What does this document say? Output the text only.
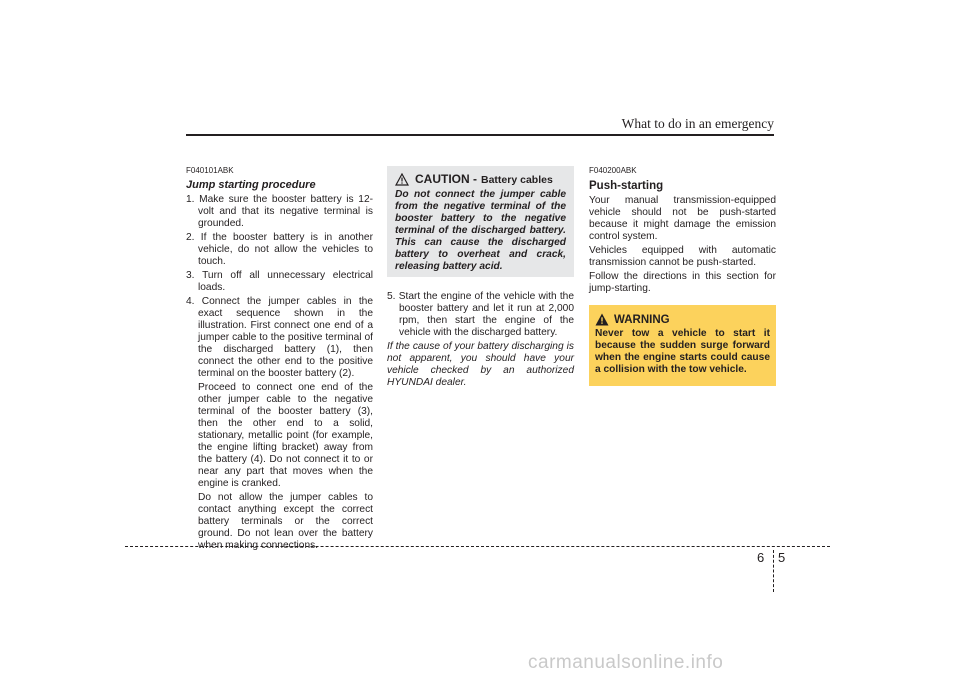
What to do in an emergency
F040101ABK
Jump starting procedure
1. Make sure the booster battery is 12-volt and that its negative terminal is grounded.
2. If the booster battery is in another vehicle, do not allow the vehicles to touch.
3. Turn off all unnecessary electrical loads.
4. Connect the jumper cables in the exact sequence shown in the illustration. First connect one end of a jumper cable to the positive terminal of the discharged battery (1), then connect the other end to the positive terminal on the booster battery (2).
Proceed to connect one end of the other jumper cable to the negative terminal of the booster battery (3), then the other end to a solid, stationary, metallic point (for example, the engine lifting bracket) away from the battery (4). Do not connect it to or near any part that moves when the engine is cranked.
Do not allow the jumper cables to contact anything except the correct battery terminals or the correct ground. Do not lean over the battery when making connections.
CAUTION - Battery cables
Do not connect the jumper cable from the negative terminal of the booster battery to the negative terminal of the discharged battery. This can cause the discharged battery to overheat and crack, releasing battery acid.
5. Start the engine of the vehicle with the booster battery and let it run at 2,000 rpm, then start the engine of the vehicle with the discharged battery.
If the cause of your battery discharging is not apparent, you should have your vehicle checked by an authorized HYUNDAI dealer.
F040200ABK
Push-starting
Your manual transmission-equipped vehicle should not be push-started because it might damage the emission control system.
Vehicles equipped with automatic transmission cannot be push-started.
Follow the directions in this section for jump-starting.
WARNING
Never tow a vehicle to start it because the sudden surge forward when the engine starts could cause a collision with the tow vehicle.
6 5
carmanualsonline.info
